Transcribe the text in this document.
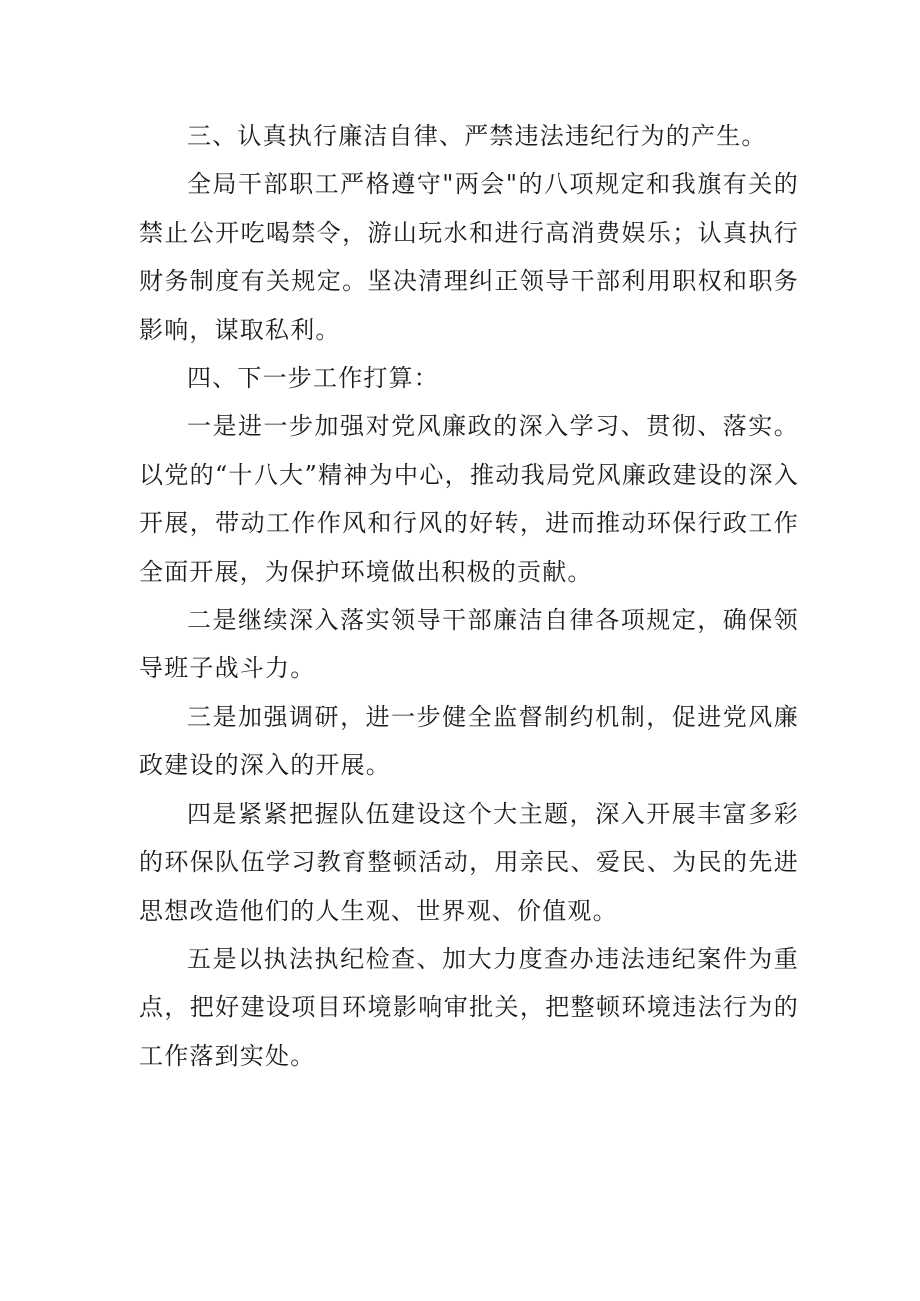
三、认真执行廉洁自律、严禁违法违纪行为的产生。

全局干部职工严格遵守"两会"的八项规定和我旗有关的禁止公开吃喝禁令，游山玩水和进行高消费娱乐；认真执行财务制度有关规定。坚决清理纠正领导干部利用职权和职务影响，谋取私利。

四、下一步工作打算：

一是进一步加强对党风廉政的深入学习、贯彻、落实。以党的“十八大”精神为中心，推动我局党风廉政建设的深入开展，带动工作作风和行风的好转，进而推动环保行政工作全面开展，为保护环境做出积极的贡献。

二是继续深入落实领导干部廉洁自律各项规定，确保领导班子战斗力。

三是加强调研，进一步健全监督制约机制，促进党风廉政建设的深入的开展。

四是紧紧把握队伍建设这个大主题，深入开展丰富多彩的环保队伍学习教育整顿活动，用亲民、爱民、为民的先进思想改造他们的人生观、世界观、价值观。

五是以执法执纪检查、加大力度查办违法违纪案件为重点，把好建设项目环境影响审批关，把整顿环境违法行为的工作落到实处。
